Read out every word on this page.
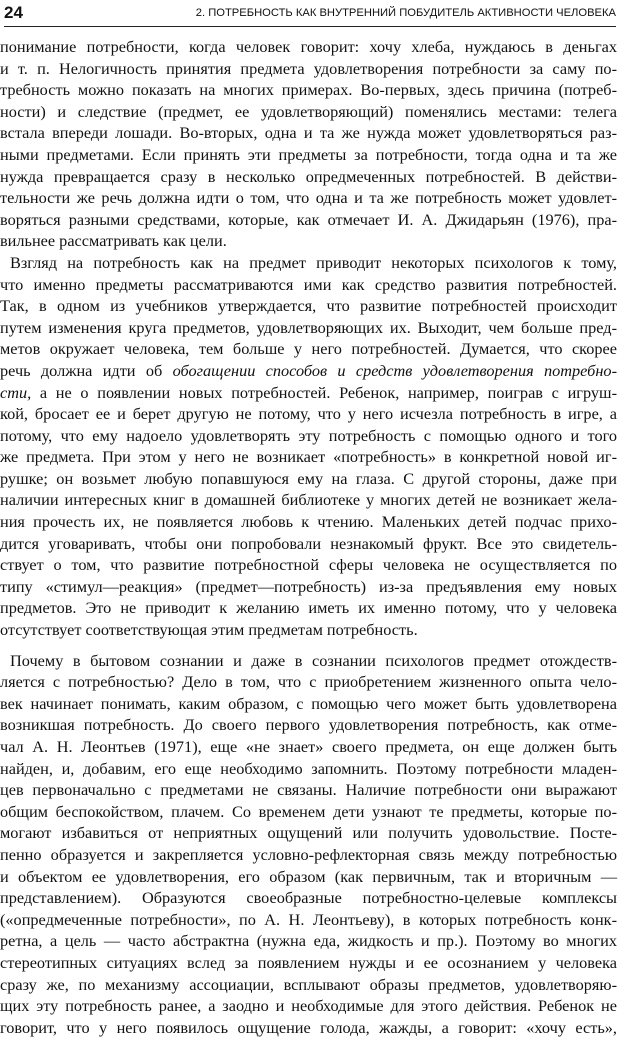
24	2. ПОТРЕБНОСТЬ КАК ВНУТРЕННИЙ ПОБУДИТЕЛЬ АКТИВНОСТИ ЧЕЛОВЕКА
понимание потребности, когда человек говорит: хочу хлеба, нуждаюсь в деньгах
и т. п. Нелогичность принятия предмета удовлетворения потребности за саму по-
требность можно показать на многих примерах. Во-первых, здесь причина (потреб-
ности) и следствие (предмет, ее удовлетворяющий) поменялись местами: телега
встала впереди лошади. Во-вторых, одна и та же нужда может удовлетворяться раз-
ными предметами. Если принять эти предметы за потребности, тогда одна и та же
нужда превращается сразу в несколько опредмеченных потребностей. В действи-
тельности же речь должна идти о том, что одна и та же потребность может удовлет-
воряться разными средствами, которые, как отмечает И. А. Джидарьян (1976), пра-
вильнее рассматривать как цели.
Взгляд на потребность как на предмет приводит некоторых психологов к тому,
что именно предметы рассматриваются ими как средство развития потребностей.
Так, в одном из учебников утверждается, что развитие потребностей происходит
путем изменения круга предметов, удовлетворяющих их. Выходит, чем больше пред-
метов окружает человека, тем больше у него потребностей. Думается, что скорее
речь должна идти об обогащении способов и средств удовлетворения потребно-
сти, а не о появлении новых потребностей. Ребенок, например, поиграв с игруш-
кой, бросает ее и берет другую не потому, что у него исчезла потребность в игре, а
потому, что ему надоело удовлетворять эту потребность с помощью одного и того
же предмета. При этом у него не возникает «потребность» в конкретной новой иг-
рушке; он возьмет любую попавшуюся ему на глаза. С другой стороны, даже при
наличии интересных книг в домашней библиотеке у многих детей не возникает жела-
ния прочесть их, не появляется любовь к чтению. Маленьких детей подчас прихо-
дится уговаривать, чтобы они попробовали незнакомый фрукт. Все это свидетель-
ствует о том, что развитие потребностной сферы человека не осуществляется по
типу «стимул—реакция» (предмет—потребность) из-за предъявления ему новых
предметов. Это не приводит к желанию иметь их именно потому, что у человека
отсутствует соответствующая этим предметам потребность.
Почему в бытовом сознании и даже в сознании психологов предмет отождеств-
ляется с потребностью? Дело в том, что с приобретением жизненного опыта чело-
век начинает понимать, каким образом, с помощью чего может быть удовлетворена
возникшая потребность. До своего первого удовлетворения потребность, как отме-
чал А. Н. Леонтьев (1971), еще «не знает» своего предмета, он еще должен быть
найден, и, добавим, его еще необходимо запомнить. Поэтому потребности младен-
цев первоначально с предметами не связаны. Наличие потребности они выражают
общим беспокойством, плачем. Со временем дети узнают те предметы, которые по-
могают избавиться от неприятных ощущений или получить удовольствие. Посте-
пенно образуется и закрепляется условно-рефлекторная связь между потребностью
и объектом ее удовлетворения, его образом (как первичным, так и вторичным —
представлением). Образуются своеобразные потребностно-целевые комплексы
(«опредмеченные потребности», по А. Н. Леонтьеву), в которых потребность конк-
ретна, а цель — часто абстрактна (нужна еда, жидкость и пр.). Поэтому во многих
стереотипных ситуациях вслед за появлением нужды и ее осознанием у человека
сразу же, по механизму ассоциации, всплывают образы предметов, удовлетворяю-
щих эту потребность ранее, а заодно и необходимые для этого действия. Ребенок не
говорит, что у него появилось ощущение голода, жажды, а говорит: «хочу есть»,
